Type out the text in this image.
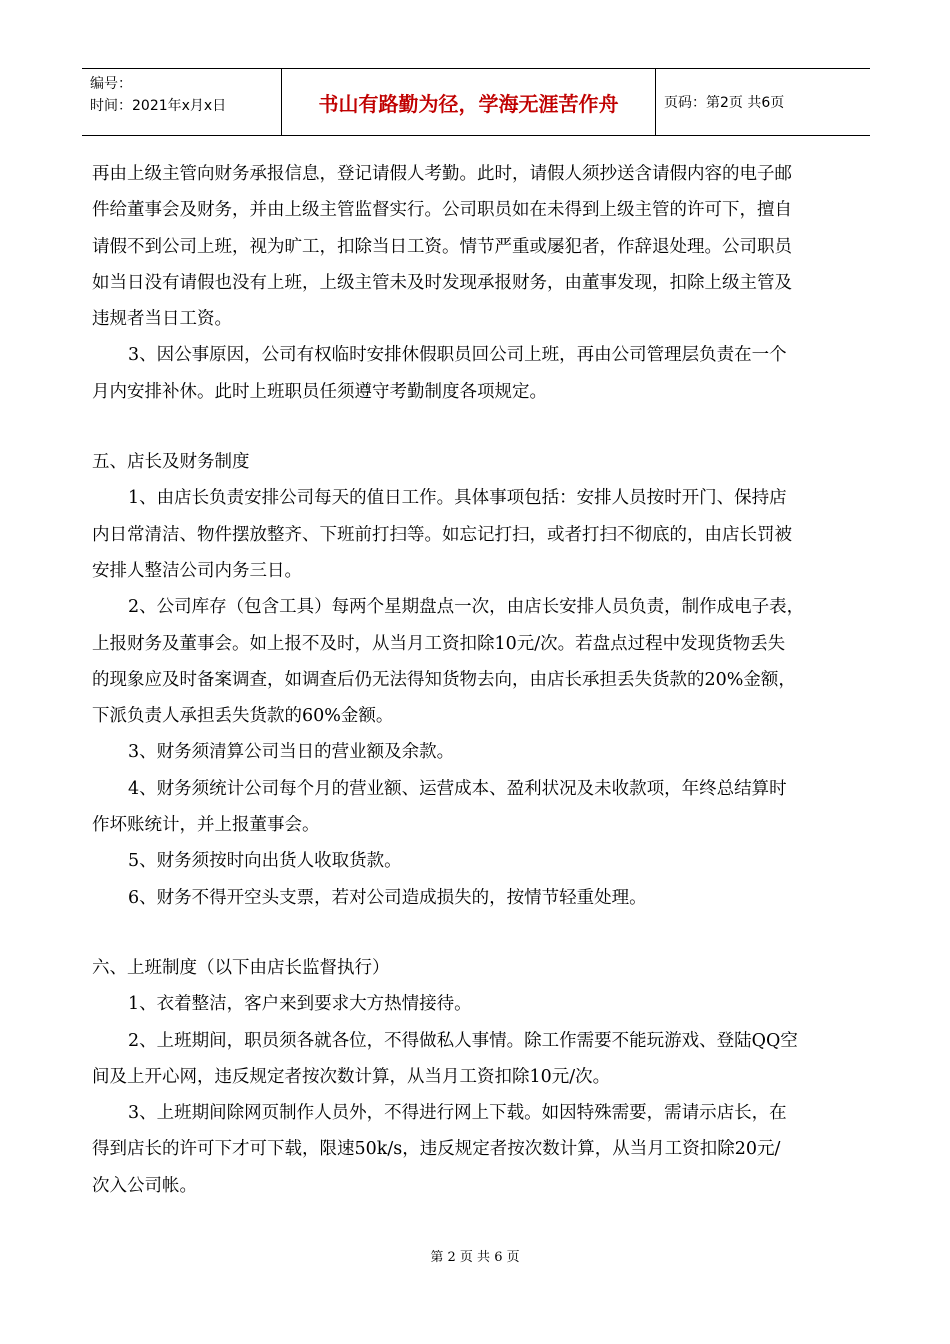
编号：
时间：2021年x月x日	书山有路勤为径，学海无涯苦作舟	页码：第2页 共6页
再由上级主管向财务承报信息，登记请假人考勤。此时，请假人须抄送含请假内容的电子邮
件给董事会及财务，并由上级主管监督实行。公司职员如在未得到上级主管的许可下，擅自
请假不到公司上班，视为旷工，扣除当日工资。情节严重或屡犯者，作辞退处理。公司职员
如当日没有请假也没有上班，上级主管未及时发现承报财务，由董事发现，扣除上级主管及
违规者当日工资。
3、因公事原因，公司有权临时安排休假职员回公司上班，再由公司管理层负责在一个
月内安排补休。此时上班职员任须遵守考勤制度各项规定。
五、店长及财务制度
1、由店长负责安排公司每天的值日工作。具体事项包括：安排人员按时开门、保持店
内日常清洁、物件摆放整齐、下班前打扫等。如忘记打扫，或者打扫不彻底的，由店长罚被
安排人整洁公司内务三日。
2、公司库存（包含工具）每两个星期盘点一次，由店长安排人员负责，制作成电子表，
上报财务及董事会。如上报不及时，从当月工资扣除10元/次。若盘点过程中发现货物丢失
的现象应及时备案调查，如调查后仍无法得知货物去向，由店长承担丢失货款的20%金额，
下派负责人承担丢失货款的60%金额。
3、财务须清算公司当日的营业额及余款。
4、财务须统计公司每个月的营业额、运营成本、盈利状况及未收款项，年终总结算时
作坏账统计，并上报董事会。
5、财务须按时向出货人收取货款。
6、财务不得开空头支票，若对公司造成损失的，按情节轻重处理。
六、上班制度（以下由店长监督执行）
1、衣着整洁，客户来到要求大方热情接待。
2、上班期间，职员须各就各位，不得做私人事情。除工作需要不能玩游戏、登陆QQ空
间及上开心网，违反规定者按次数计算，从当月工资扣除10元/次。
3、上班期间除网页制作人员外，不得进行网上下载。如因特殊需要，需请示店长，在
得到店长的许可下才可下载，限速50k/s，违反规定者按次数计算，从当月工资扣除20元/
次入公司帐。
第 2 页 共 6 页
